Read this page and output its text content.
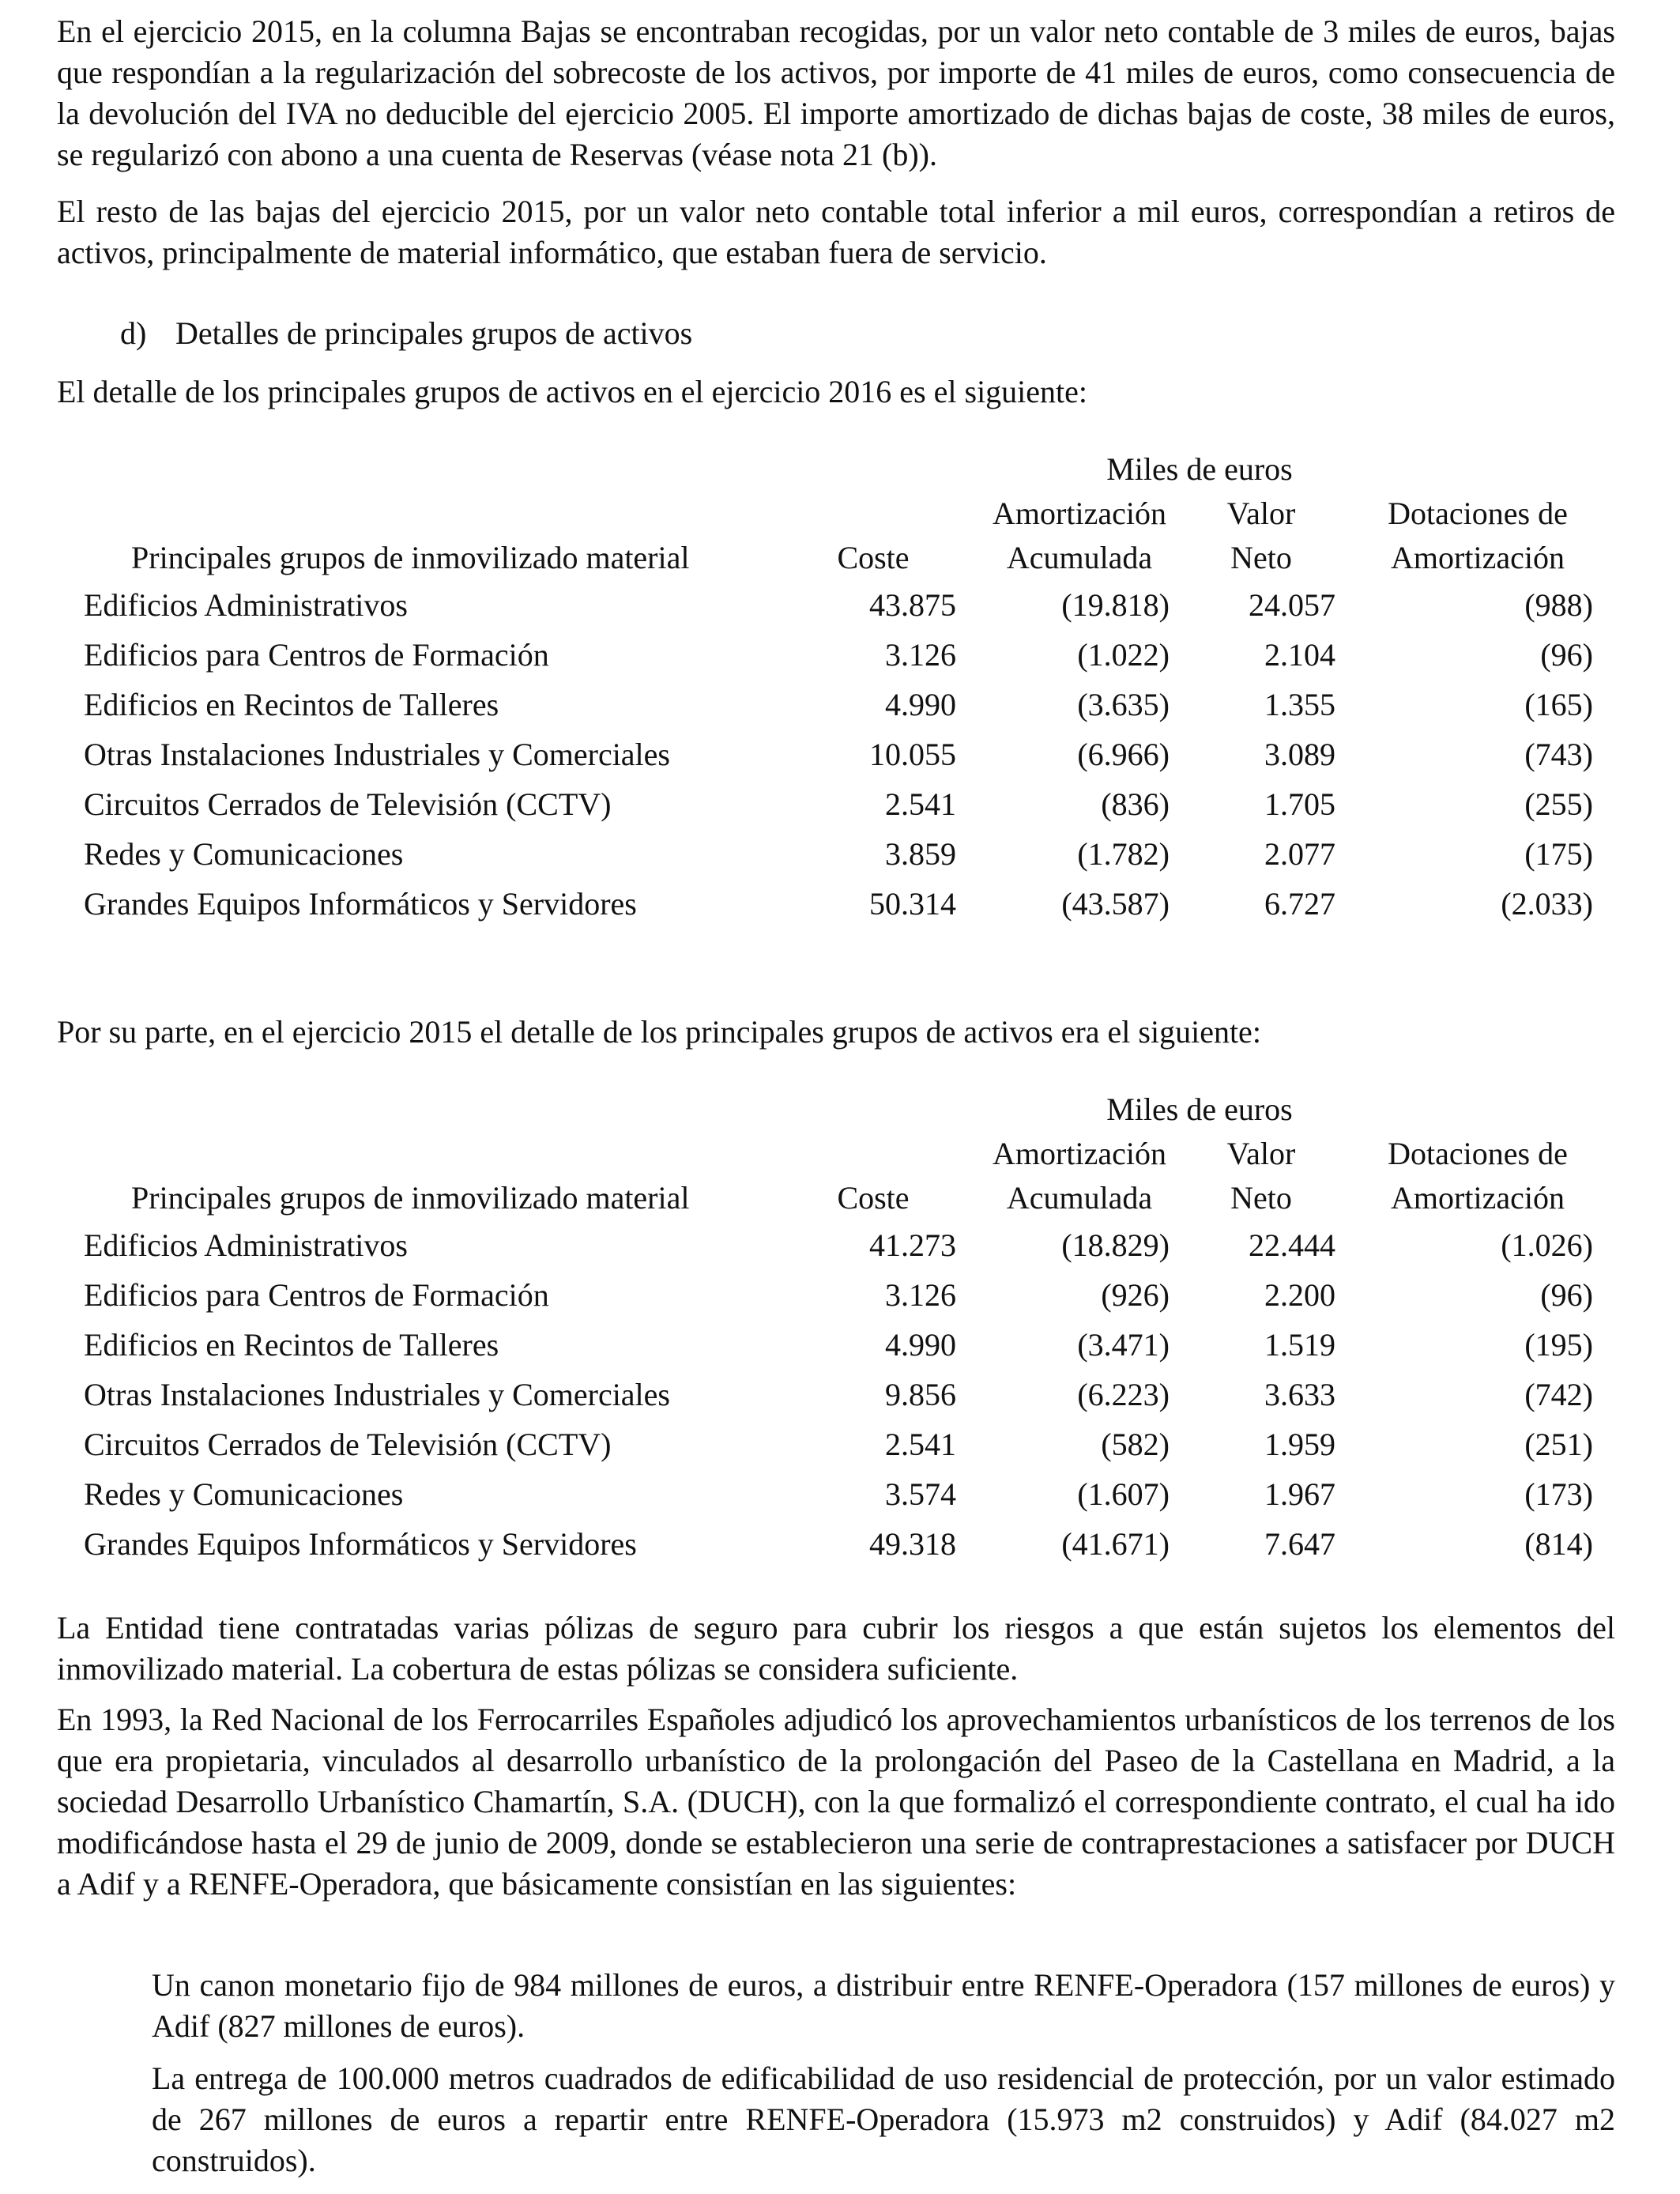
En el ejercicio 2015, en la columna Bajas se encontraban recogidas, por un valor neto contable de 3 miles de euros, bajas que respondían a la regularización del sobrecoste de los activos, por importe de 41 miles de euros, como consecuencia de la devolución del IVA no deducible del ejercicio 2005. El importe amortizado de dichas bajas de coste, 38 miles de euros, se regularizó con abono a una cuenta de Reservas (véase nota 21 (b)).

El resto de las bajas del ejercicio 2015, por un valor neto contable total inferior a mil euros, correspondían a retiros de activos, principalmente de material informático, que estaban fuera de servicio.

d) Detalles de principales grupos de activos

El detalle de los principales grupos de activos en el ejercicio 2016 es el siguiente:

Miles de euros
Amortización	Valor	Dotaciones de
Principales grupos de inmovilizado material	Coste	Acumulada	Neto	Amortización
Edificios Administrativos	43.875	(19.818)	24.057	(988)
Edificios para Centros de Formación	3.126	(1.022)	2.104	(96)
Edificios en Recintos de Talleres	4.990	(3.635)	1.355	(165)
Otras Instalaciones Industriales y Comerciales	10.055	(6.966)	3.089	(743)
Circuitos Cerrados de Televisión (CCTV)	2.541	(836)	1.705	(255)
Redes y Comunicaciones	3.859	(1.782)	2.077	(175)
Grandes Equipos Informáticos y Servidores	50.314	(43.587)	6.727	(2.033)

Por su parte, en el ejercicio 2015 el detalle de los principales grupos de activos era el siguiente:

Miles de euros
Amortización	Valor	Dotaciones de
Principales grupos de inmovilizado material	Coste	Acumulada	Neto	Amortización
Edificios Administrativos	41.273	(18.829)	22.444	(1.026)
Edificios para Centros de Formación	3.126	(926)	2.200	(96)
Edificios en Recintos de Talleres	4.990	(3.471)	1.519	(195)
Otras Instalaciones Industriales y Comerciales	9.856	(6.223)	3.633	(742)
Circuitos Cerrados de Televisión (CCTV)	2.541	(582)	1.959	(251)
Redes y Comunicaciones	3.574	(1.607)	1.967	(173)
Grandes Equipos Informáticos y Servidores	49.318	(41.671)	7.647	(814)

La Entidad tiene contratadas varias pólizas de seguro para cubrir los riesgos a que están sujetos los elementos del inmovilizado material. La cobertura de estas pólizas se considera suficiente.

En 1993, la Red Nacional de los Ferrocarriles Españoles adjudicó los aprovechamientos urbanísticos de los terrenos de los que era propietaria, vinculados al desarrollo urbanístico de la prolongación del Paseo de la Castellana en Madrid, a la sociedad Desarrollo Urbanístico Chamartín, S.A. (DUCH), con la que formalizó el correspondiente contrato, el cual ha ido modificándose hasta el 29 de junio de 2009, donde se establecieron una serie de contraprestaciones a satisfacer por DUCH a Adif y a RENFE-Operadora, que básicamente consistían en las siguientes:

Un canon monetario fijo de 984 millones de euros, a distribuir entre RENFE-Operadora (157 millones de euros) y Adif (827 millones de euros).

La entrega de 100.000 metros cuadrados de edificabilidad de uso residencial de protección, por un valor estimado de 267 millones de euros a repartir entre RENFE-Operadora (15.973 m2 construidos) y Adif (84.027 m2 construidos).
